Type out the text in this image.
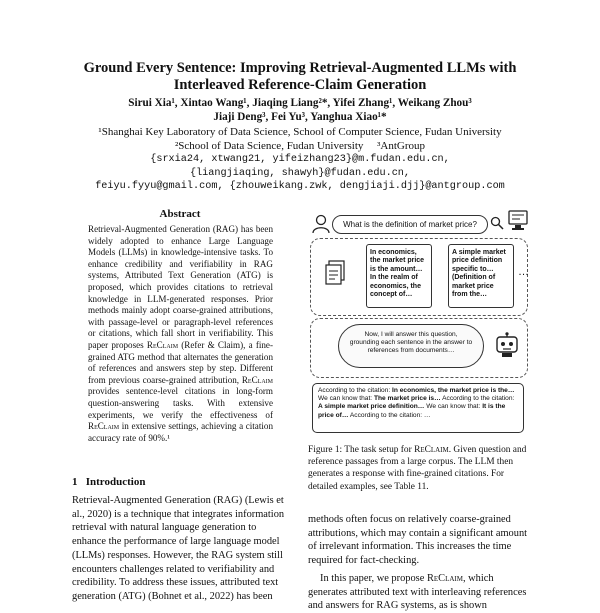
Ground Every Sentence: Improving Retrieval-Augmented LLMs with
Interleaved Reference-Claim Generation
Sirui Xia¹, Xintao Wang¹, Jiaqing Liang²*, Yifei Zhang¹, Weikang Zhou³
Jiaji Deng³, Fei Yu³, Yanghua Xiao¹*
¹Shanghai Key Laboratory of Data Science, School of Computer Science, Fudan University
²School of Data Science, Fudan University     ³AntGroup
{srxia24, xtwang21, yifeizhang23}@m.fudan.edu.cn,
{liangjiaqing, shawyh}@fudan.edu.cn,
feiyu.fyyu@gmail.com, {zhouweikang.zwk, dengjiaji.djj}@antgroup.com
Abstract
Retrieval-Augmented Generation (RAG) has been widely adopted to enhance Large Language Models (LLMs) in knowledge-intensive tasks. To enhance credibility and verifiability in RAG systems, Attributed Text Generation (ATG) is proposed, which provides citations to retrieval knowledge in LLM-generated responses. Prior methods mainly adopt coarse-grained attributions, with passage-level or paragraph-level references or citations, which fall short in verifiability. This paper proposes ReClaim (Refer & Claim), a fine-grained ATG method that alternates the generation of references and answers step by step. Different from previous coarse-grained attribution, ReClaim provides sentence-level citations in long-form question-answering tasks. With extensive experiments, we verify the effectiveness of ReClaim in extensive settings, achieving a citation accuracy rate of 90%.¹
1   Introduction
Retrieval-Augmented Generation (RAG) (Lewis et al., 2020) is a technique that integrates information retrieval with natural language generation to enhance the performance of large language model (LLMs) responses. However, the RAG system still encounters challenges related to verifiability and credibility. To address these issues, attributed text generation (ATG) (Bohnet et al., 2022) has been
What is the definition of market price?
In economics, the market price is the amount… In the realm of economics, the concept of…
A simple market price definition specific to… (Definition of market price from the…
…
Now, I will answer this question, grounding each sentence in the answer to references from documents…
According to the citation: In economics, the market price is the… We can know that: The market price is… According to the citation: A simple market price definition… We can know that: It is the price of… According to the citation: …
Figure 1: The task setup for ReClaim. Given question and reference passages from a large corpus. The LLM then generates a response with fine-grained citations. For detailed examples, see Table 11.
methods often focus on relatively coarse-grained attributions, which may contain a significant amount of irrelevant information. This increases the time required for fact-checking.
In this paper, we propose ReClaim, which generates attributed text with interleaving references and answers for RAG systems, as is shown
